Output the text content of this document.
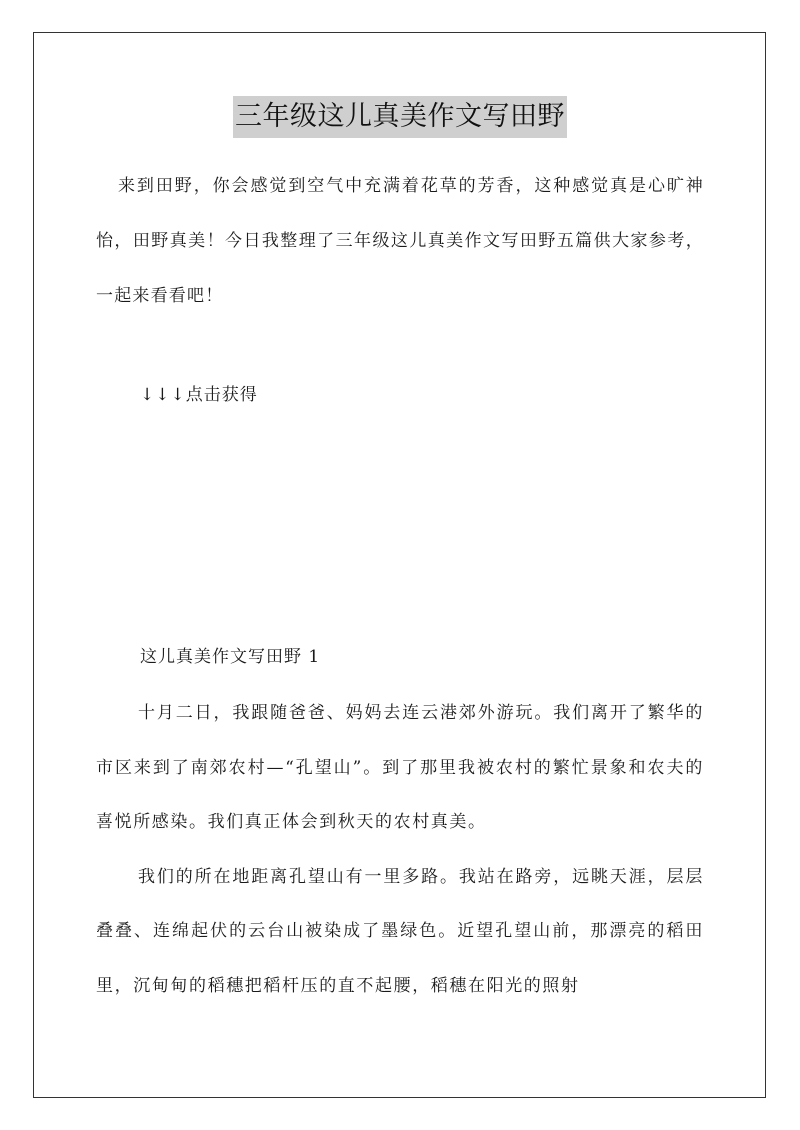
三年级这儿真美作文写田野

来到田野，你会感觉到空气中充满着花草的芳香，这种感觉真是心旷神怡，田野真美！今日我整理了三年级这儿真美作文写田野五篇供大家参考，一起来看看吧！

↓↓↓点击获得
这儿真美作文写田野 1

十月二日，我跟随爸爸、妈妈去连云港郊外游玩。我们离开了繁华的市区来到了南郊农村—“孔望山”。到了那里我被农村的繁忙景象和农夫的喜悦所感染。我们真正体会到秋天的农村真美。

我们的所在地距离孔望山有一里多路。我站在路旁，远眺天涯，层层叠叠、连绵起伏的云台山被染成了墨绿色。近望孔望山前，那漂亮的稻田里，沉甸甸的稻穗把稻杆压的直不起腰，稻穗在阳光的照射
